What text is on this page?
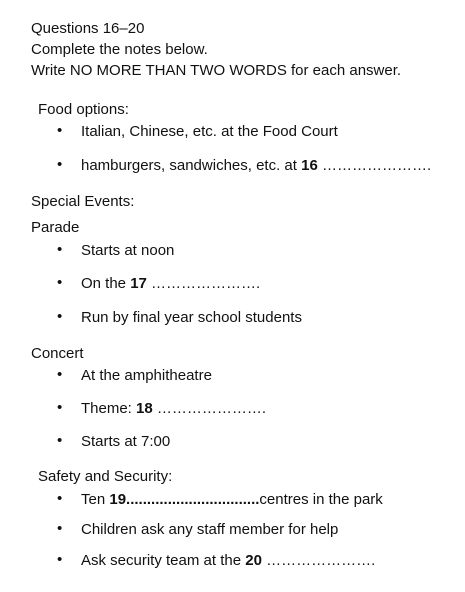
Questions 16–20
Complete the notes below.
Write NO MORE THAN TWO WORDS for each answer.
Food options:
•
Italian, Chinese, etc. at the Food Court
•
hamburgers, sandwiches, etc. at 16 ………………….
Special Events:
Parade
•
Starts at noon
•
On the 17 ………………….
•
Run by final year school students
Concert
•
At the amphitheatre
•
Theme: 18 ………………….
•
Starts at 7:00
Safety and Security:
•
Ten 19................................centres in the park
•
Children ask any staff member for help
•
Ask security team at the 20 ………………….
